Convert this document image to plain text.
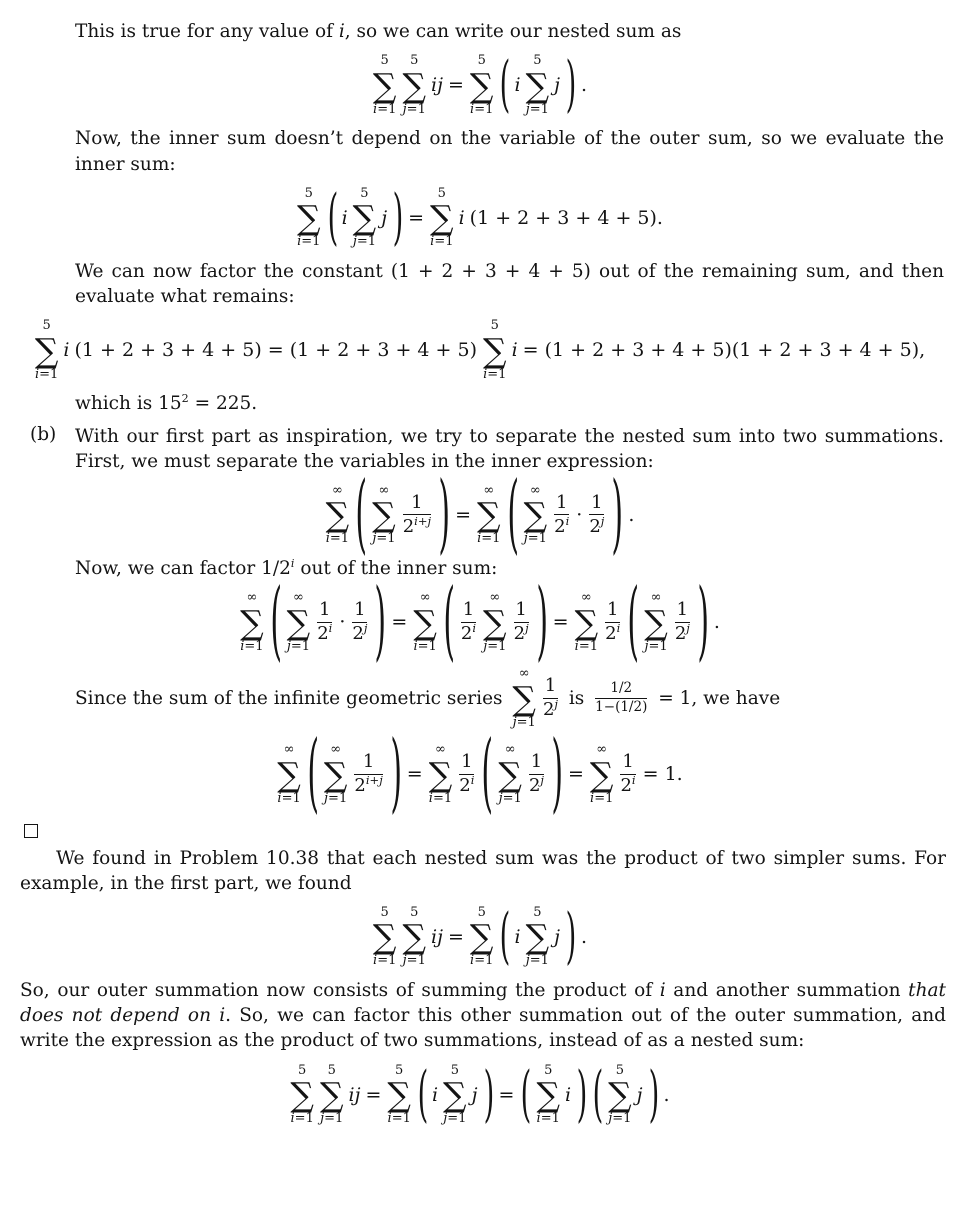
This is true for any value of i, so we can write our nested sum as

5
∑
i=1
5
∑
j=1
ij =
5
∑
i=1 ( i
5
∑
j=1
j ) .

Now, the inner sum doesn’t depend on the variable of the outer sum, so we evaluate the inner sum:

5
∑
i=1 ( i
5
∑
j=1
j ) =
5
∑
i=1
i (1 + 2 + 3 + 4 + 5).

We can now factor the constant (1 + 2 + 3 + 4 + 5) out of the remaining sum, and then evaluate what remains:

5
∑
i=1
i (1 + 2 + 3 + 4 + 5) = (1 + 2 + 3 + 4 + 5)
5
∑
i=1
i = (1 + 2 + 3 + 4 + 5)(1 + 2 + 3 + 4 + 5),

which is $15^2 = 225$.

(b) With our first part as inspiration, we try to separate the nested sum into two summations. First, we must separate the variables in the inner expression:

∞
∑
i=1 ( ∞
∑
j=1
$\frac{1}{2^{i+j}}$ ) =
∞
∑
i=1 ( ∞
∑
j=1
$\frac{1}{2^i} \cdot \frac{1}{2^j}$ ) .

Now, we can factor 1/2$^i$ out of the inner sum:

∞
∑
i=1 ( ∞
∑
j=1
$\frac{1}{2^i} \cdot \frac{1}{2^j}$ ) =
∞
∑
i=1 ( $\frac{1}{2^i}$
∞
∑
j=1
$\frac{1}{2^j}$ ) =
∞
∑
i=1
$\frac{1}{2^i}$ ( ∞
∑
j=1
$\frac{1}{2^j}$ ) .
Since the sum of the infinite geometric series
∞
∑
j=1
$\frac{1}{2^j}$ is $\frac{1/2}{1-(1/2)} = 1$, we have
∞
∑
i=1 ( ∞
∑
j=1
$\frac{1}{2^{i+j}}$ ) =
∞
∑
i=1
$\frac{1}{2^i}$ ( ∞
∑
j=1
$\frac{1}{2^j}$ ) =
∞
∑
i=1
$\frac{1}{2^i} = 1$.

We found in Problem 10.38 that each nested sum was the product of two simpler sums. For example, in the first part, we found

5
∑
i=1
5
∑
j=1
ij =
5
∑
i=1 ( i
5
∑
j=1
j ) .

So, our outer summation now consists of summing the product of i and another summation that does not depend on i. So, we can factor this other summation out of the outer summation, and write the expression as the product of two summations, instead of as a nested sum:

5
∑
i=1
5
∑
j=1
ij =
5
∑
i=1 ( i
5
∑
j=1
j ) = ( 5
∑
i=1
i ) ( 5
∑
j=1
j ) .
